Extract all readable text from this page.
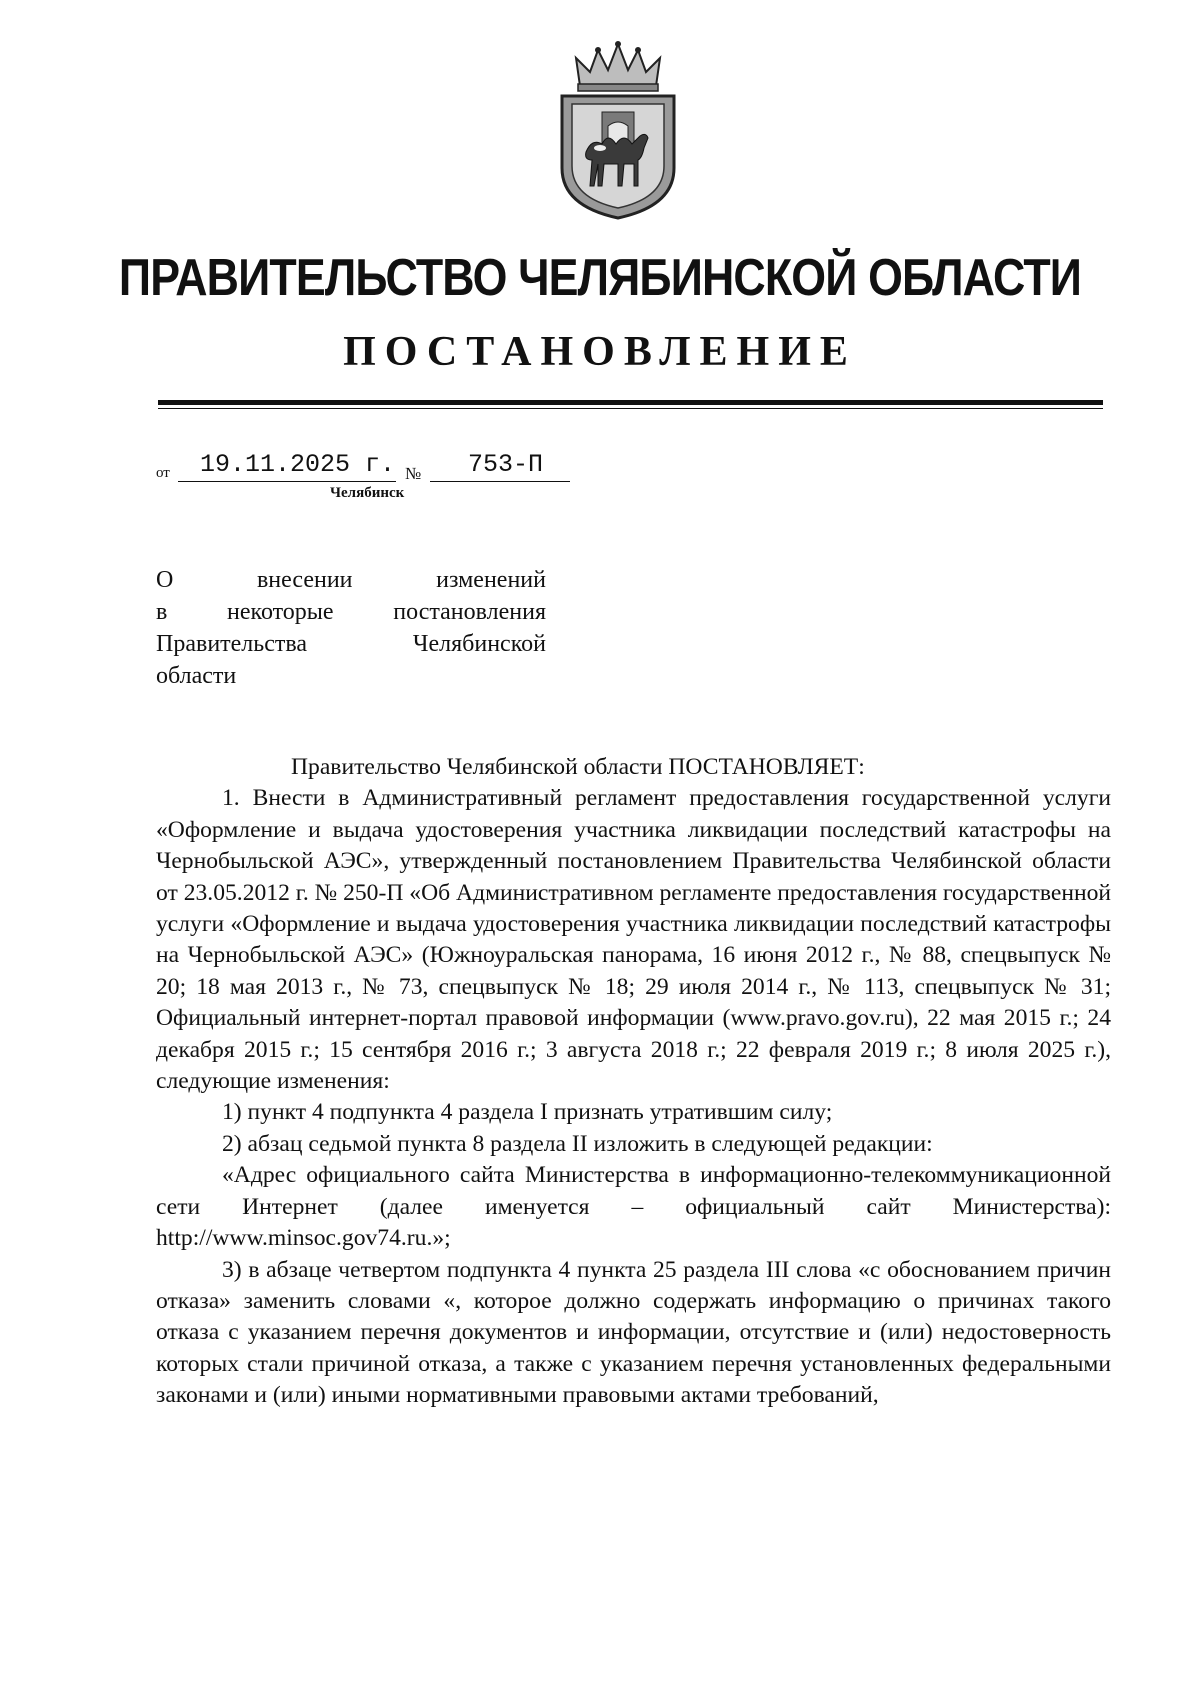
ПРАВИТЕЛЬСТВО ЧЕЛЯБИНСКОЙ ОБЛАСТИ
ПОСТАНОВЛЕНИЕ
от 19.11.2025 г. № 753-П
Челябинск
О внесении изменений
в некоторые постановления
Правительства Челябинской
области

Правительство Челябинской области ПОСТАНОВЛЯЕТ:

1. Внести в Административный регламент предоставления государственной услуги «Оформление и выдача удостоверения участника ликвидации последствий катастрофы на Чернобыльской АЭС», утвержденный постановлением Правительства Челябинской области от 23.05.2012 г. № 250-П «Об Административном регламенте предоставления государственной услуги «Оформление и выдача удостоверения участника ликвидации последствий катастрофы на Чернобыльской АЭС» (Южноуральская панорама, 16 июня 2012 г., № 88, спецвыпуск № 20; 18 мая 2013 г., № 73, спецвыпуск № 18; 29 июля 2014 г., № 113, спецвыпуск № 31; Официальный интернет-портал правовой информации (www.pravo.gov.ru), 22 мая 2015 г.; 24 декабря 2015 г.; 15 сентября 2016 г.; 3 августа 2018 г.; 22 февраля 2019 г.; 8 июля 2025 г.), следующие изменения:

1) пункт 4 подпункта 4 раздела I признать утратившим силу;

2) абзац седьмой пункта 8 раздела II изложить в следующей редакции:

«Адрес официального сайта Министерства в информационно-телекоммуникационной сети Интернет (далее именуется – официальный сайт Министерства): http://www.minsoc.gov74.ru.»;

3) в абзаце четвертом подпункта 4 пункта 25 раздела III слова «с обоснованием причин отказа» заменить словами «, которое должно содержать информацию о причинах такого отказа с указанием перечня документов и информации, отсутствие и (или) недостоверность которых стали причиной отказа, а также с указанием перечня установленных федеральными законами и (или) иными нормативными правовыми актами требований,
